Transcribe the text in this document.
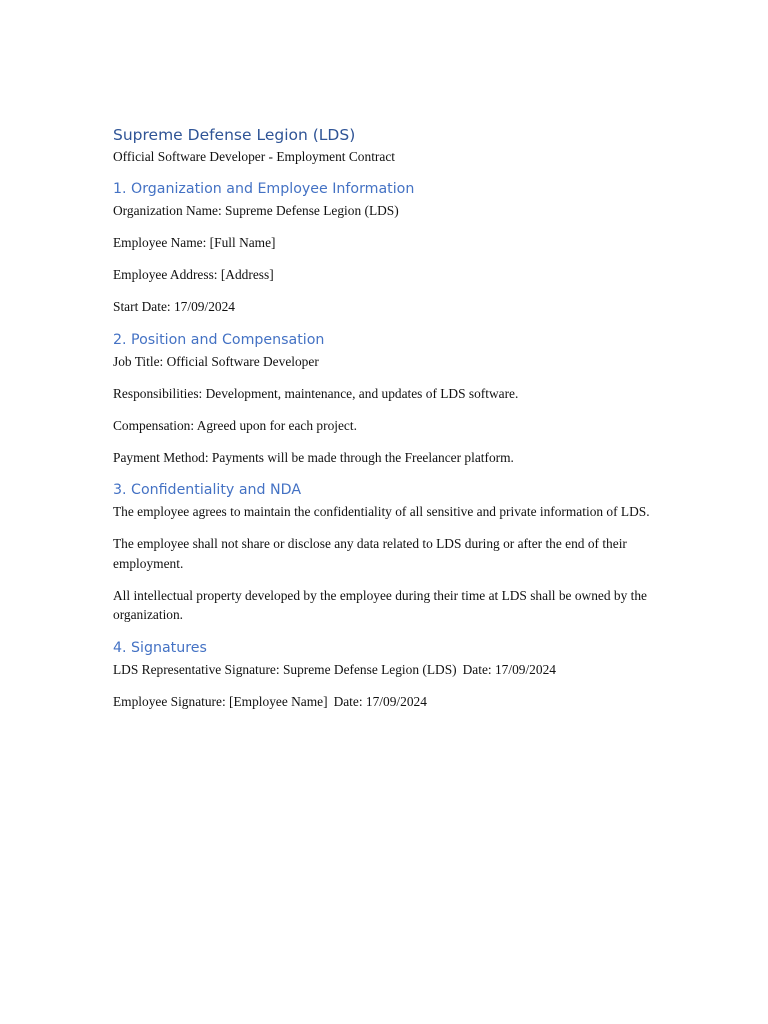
Supreme Defense Legion (LDS)

Official Software Developer - Employment Contract

1. Organization and Employee Information

Organization Name: Supreme Defense Legion (LDS)

Employee Name: [Full Name]

Employee Address: [Address]

Start Date: 17/09/2024

2. Position and Compensation

Job Title: Official Software Developer

Responsibilities: Development, maintenance, and updates of LDS software.

Compensation: Agreed upon for each project.

Payment Method: Payments will be made through the Freelancer platform.

3. Confidentiality and NDA

The employee agrees to maintain the confidentiality of all sensitive and private information of LDS.

The employee shall not share or disclose any data related to LDS during or after the end of their employment.

All intellectual property developed by the employee during their time at LDS shall be owned by the organization.

4. Signatures

LDS Representative Signature: Supreme Defense Legion (LDS) Date: 17/09/2024

Employee Signature: [Employee Name] Date: 17/09/2024
